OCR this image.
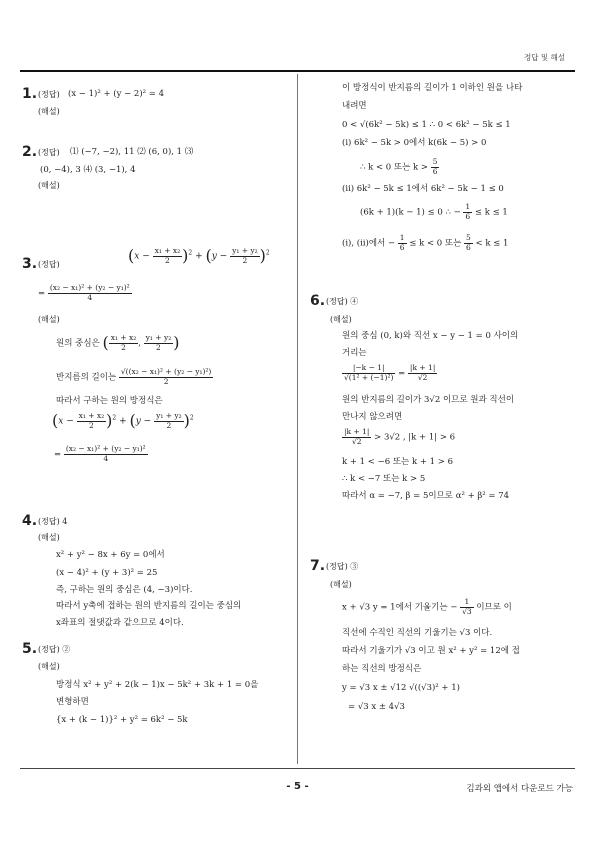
정답 및 해설
1. (정답) (x − 1)² + (y − 2)² = 4
(해설)
2. (정답) ⑴ (−7, −2), 11 ⑵ (6, 0), 1 ⑶
(0, −4), 3 ⑷ (3, −1), 4
(해설)
3. (정답)	$(x - \frac{\text{x₁ + x₂}}{2} )^2 + (y - \frac{\text{y₁ + y₂}}{2} )^2$
= $\frac{\text{(x₂ − x₁)² + (y₂ − y₁)²}}{4}$
(해설)
원의 중심은 ( $\frac{\text{x₁ + x₂}}{2}$ , $\frac{\text{y₁ + y₂}}{2}$ )
반지름의 길이는 $\frac{\text{√((x₂ − x₁)² + (y₂ − y₁)²)}}{2}$
따라서 구하는 원의 방정식은
$(x - \frac{\text{x₁ + x₂}}{2} )^2 + (y - \frac{\text{y₁ + y₂}}{2} )^2$
= $\frac{\text{(x₂ − x₁)² + (y₂ − y₁)²}}{4}$
4. (정답) 4
(해설)
x² + y² − 8x + 6y = 0에서
(x − 4)² + (y + 3)² = 25
즉, 구하는 원의 중심은 (4, −3)이다.
따라서 y축에 접하는 원의 반지름의 길이는 중심의
x좌표의 절댓값과 같으므로 4이다.
5. (정답) ②
(해설)
방정식 x² + y² + 2(k − 1)x − 5k² + 3k + 1 = 0을
변형하면
{x + (k − 1)}² + y² = 6k² − 5k
이 방정식이 반지름의 길이가 1 이하인 원을 나타
내려면
0 < √(6k² − 5k) ≤ 1 ∴ 0 < 6k² − 5k ≤ 1
(ⅰ) 6k² − 5k > 0에서 k(6k − 5) > 0
∴ k < 0 또는 $k > \frac{5}{6}$
(ⅱ) 6k² − 5k ≤ 1에서 6k² − 5k − 1 ≤ 0
(6k + 1)(k − 1) ≤ 0 ∴ − $\frac{1}{6} \le k \le 1$
(ⅰ), (ⅱ)에서 − $\frac{1}{6} \le k < 0$ 또는 $\frac{5}{6} < k \le 1$
6. (정답) ④
(해설)
원의 중심 (0, k)와 직선 x − y − 1 = 0 사이의
거리는
$\frac{|-k - 1|}{\text{√(1² + (−1)²)}} = \frac{|k + 1|}{√2}$
원의 반지름의 길이가 3√2 이므로 원과 직선이
만나지 않으려면
$\frac{|k + 1|}{√2} > 3√2$ , |k + 1| > 6
k + 1 < −6 또는 k + 1 > 6
∴ k < −7 또는 k > 5
따라서 α = −7, β = 5이므로 α² + β² = 74
7. (정답) ③
(해설)
x + √3 y = 1에서 기울기는 − $\frac{1}{√3}$ 이므로 이
직선에 수직인 직선의 기울기는 √3 이다.
따라서 기울기가 √3 이고 원 x² + y² = 12에 접
하는 직선의 방정식은
y = √3 x ± √12 √((√3)² + 1)
= √3 x ± 4√3
- 5 -	김과외 앱에서 다운로드 가능
